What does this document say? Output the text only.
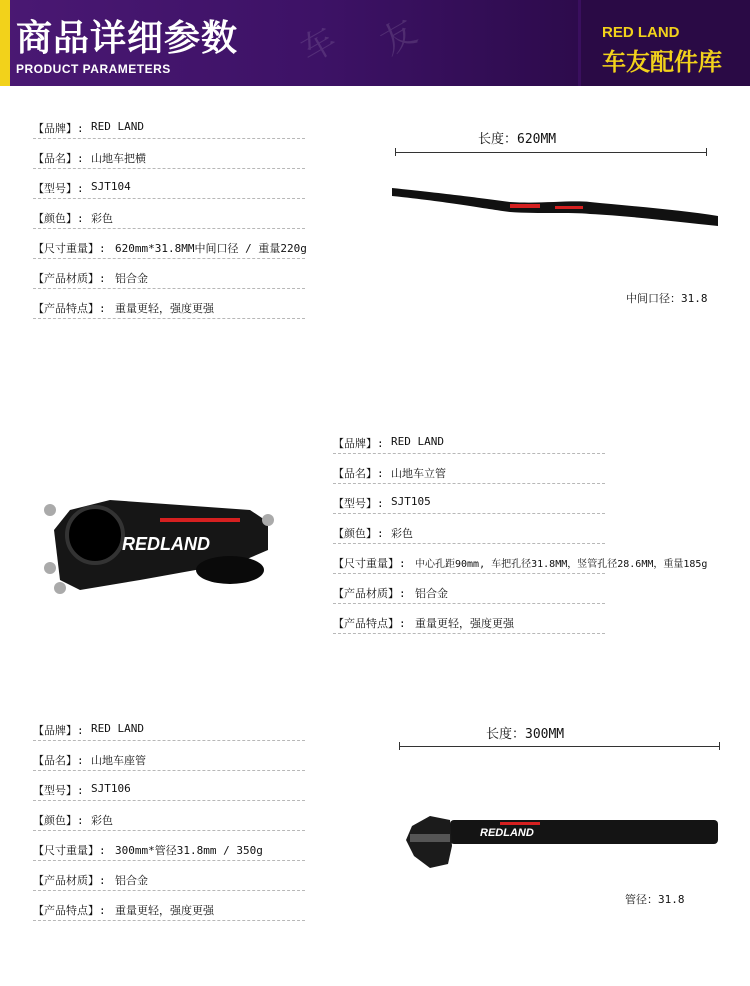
车 友
商品详细参数
PRODUCT PARAMETERS
RED LAND
车友配件库
【品牌】: RED LAND
【品名】: 山地车把横
【型号】: SJT104
【颜色】: 彩色
【尺寸重量】: 620mm*31.8MM中间口径 / 重量220g
【产品材质】: 铝合金
【产品特点】: 重量更轻，强度更强
长度：620MM
中间口径：31.8
REDLAND
【品牌】: RED LAND
【品名】: 山地车立管
【型号】: SJT105
【颜色】: 彩色
【尺寸重量】: 中心孔距90mm, 车把孔径31.8MM，竖管孔径28.6MM，重量185g
【产品材质】: 铝合金
【产品特点】: 重量更轻，强度更强
【品牌】: RED LAND
【品名】: 山地车座管
【型号】: SJT106
【颜色】: 彩色
【尺寸重量】: 300mm*管径31.8mm / 350g
【产品材质】: 铝合金
【产品特点】: 重量更轻，强度更强
长度：300MM
REDLAND
管径：31.8
